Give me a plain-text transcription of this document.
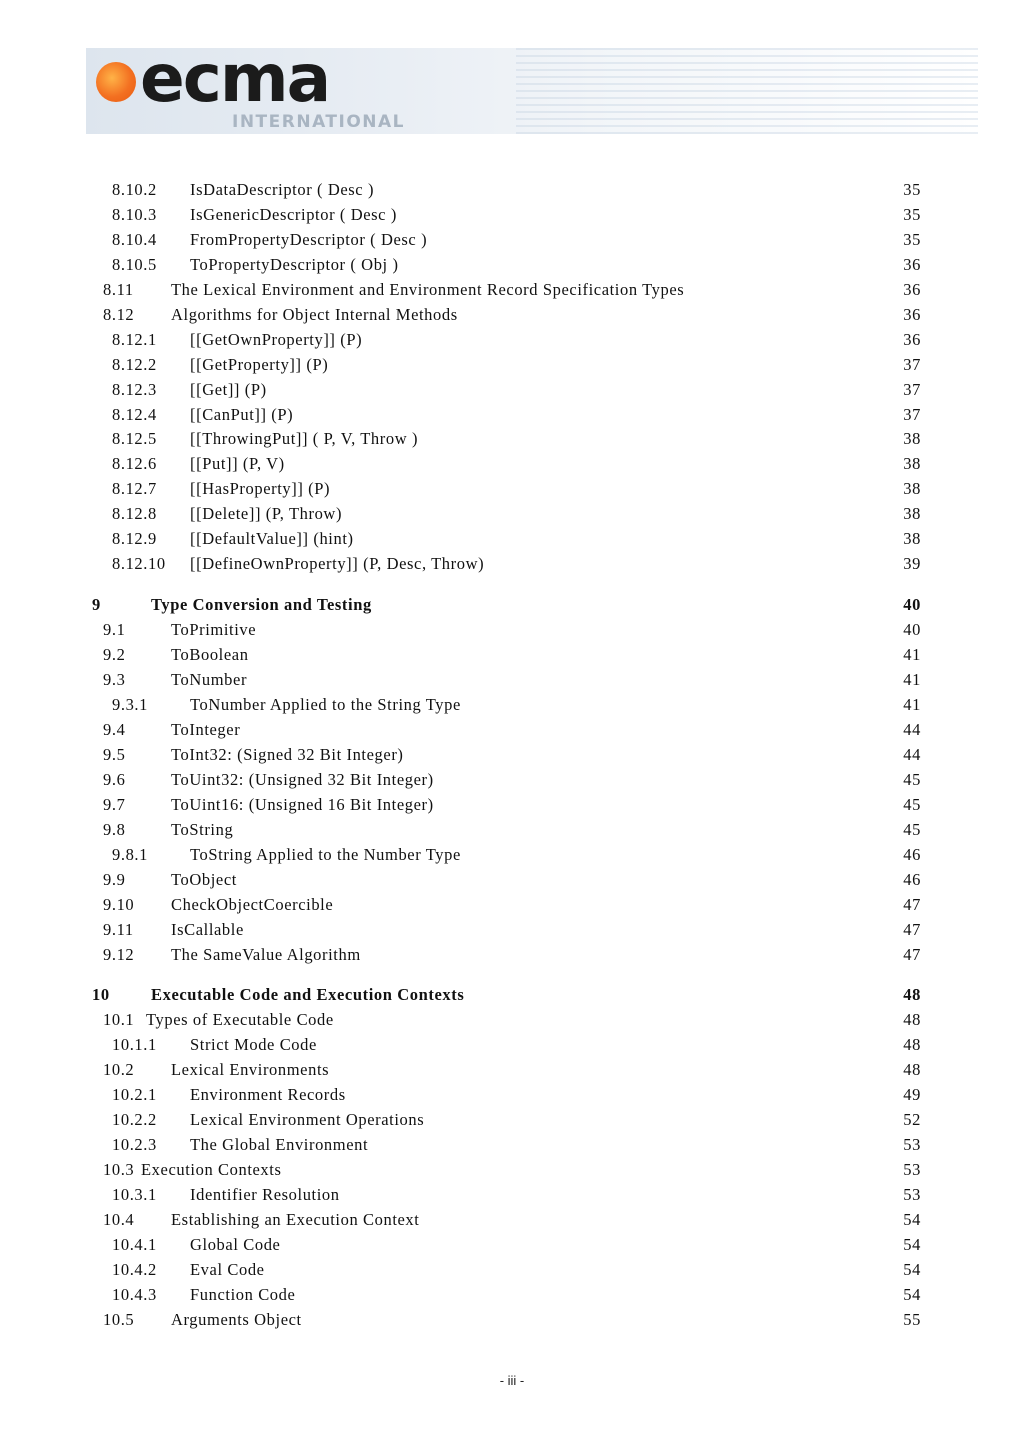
ecma
INTERNATIONAL
8.10.2 IsDataDescriptor ( Desc )	35
8.10.3 IsGenericDescriptor ( Desc )	35
8.10.4 FromPropertyDescriptor ( Desc )	35
8.10.5 ToPropertyDescriptor ( Obj )	36
8.11 The Lexical Environment and Environment Record Specification Types	36
8.12 Algorithms for Object Internal Methods	36
8.12.1 [[GetOwnProperty]] (P)	36
8.12.2 [[GetProperty]] (P)	37
8.12.3 [[Get]] (P)	37
8.12.4 [[CanPut]] (P)	37
8.12.5 [[ThrowingPut]] ( P, V, Throw )	38
8.12.6 [[Put]] (P, V)	38
8.12.7 [[HasProperty]] (P)	38
8.12.8 [[Delete]] (P, Throw)	38
8.12.9 [[DefaultValue]] (hint)	38
8.12.10 [[DefineOwnProperty]] (P, Desc, Throw)	39
9	Type Conversion and Testing	40
9.1	ToPrimitive	40
9.2	ToBoolean	41
9.3	ToNumber	41
9.3.1	ToNumber Applied to the String Type	41
9.4	ToInteger	44
9.5	ToInt32: (Signed 32 Bit Integer)	44
9.6	ToUint32: (Unsigned 32 Bit Integer)	45
9.7	ToUint16: (Unsigned 16 Bit Integer)	45
9.8	ToString	45
9.8.1	ToString Applied to the Number Type	46
9.9	ToObject	46
9.10 CheckObjectCoercible	47
9.11 IsCallable	47
9.12 The SameValue Algorithm	47
10	Executable Code and Execution Contexts	48
10.1 Types of Executable Code	48
10.1.1 Strict Mode Code	48
10.2 Lexical Environments	48
10.2.1 Environment Records	49
10.2.2 Lexical Environment Operations	52
10.2.3 The Global Environment	53
10.3 Execution Contexts	53
10.3.1 Identifier Resolution	53
10.4 Establishing an Execution Context	54
10.4.1 Global Code	54
10.4.2 Eval Code	54
10.4.3 Function Code	54
10.5 Arguments Object	55
- iii -
